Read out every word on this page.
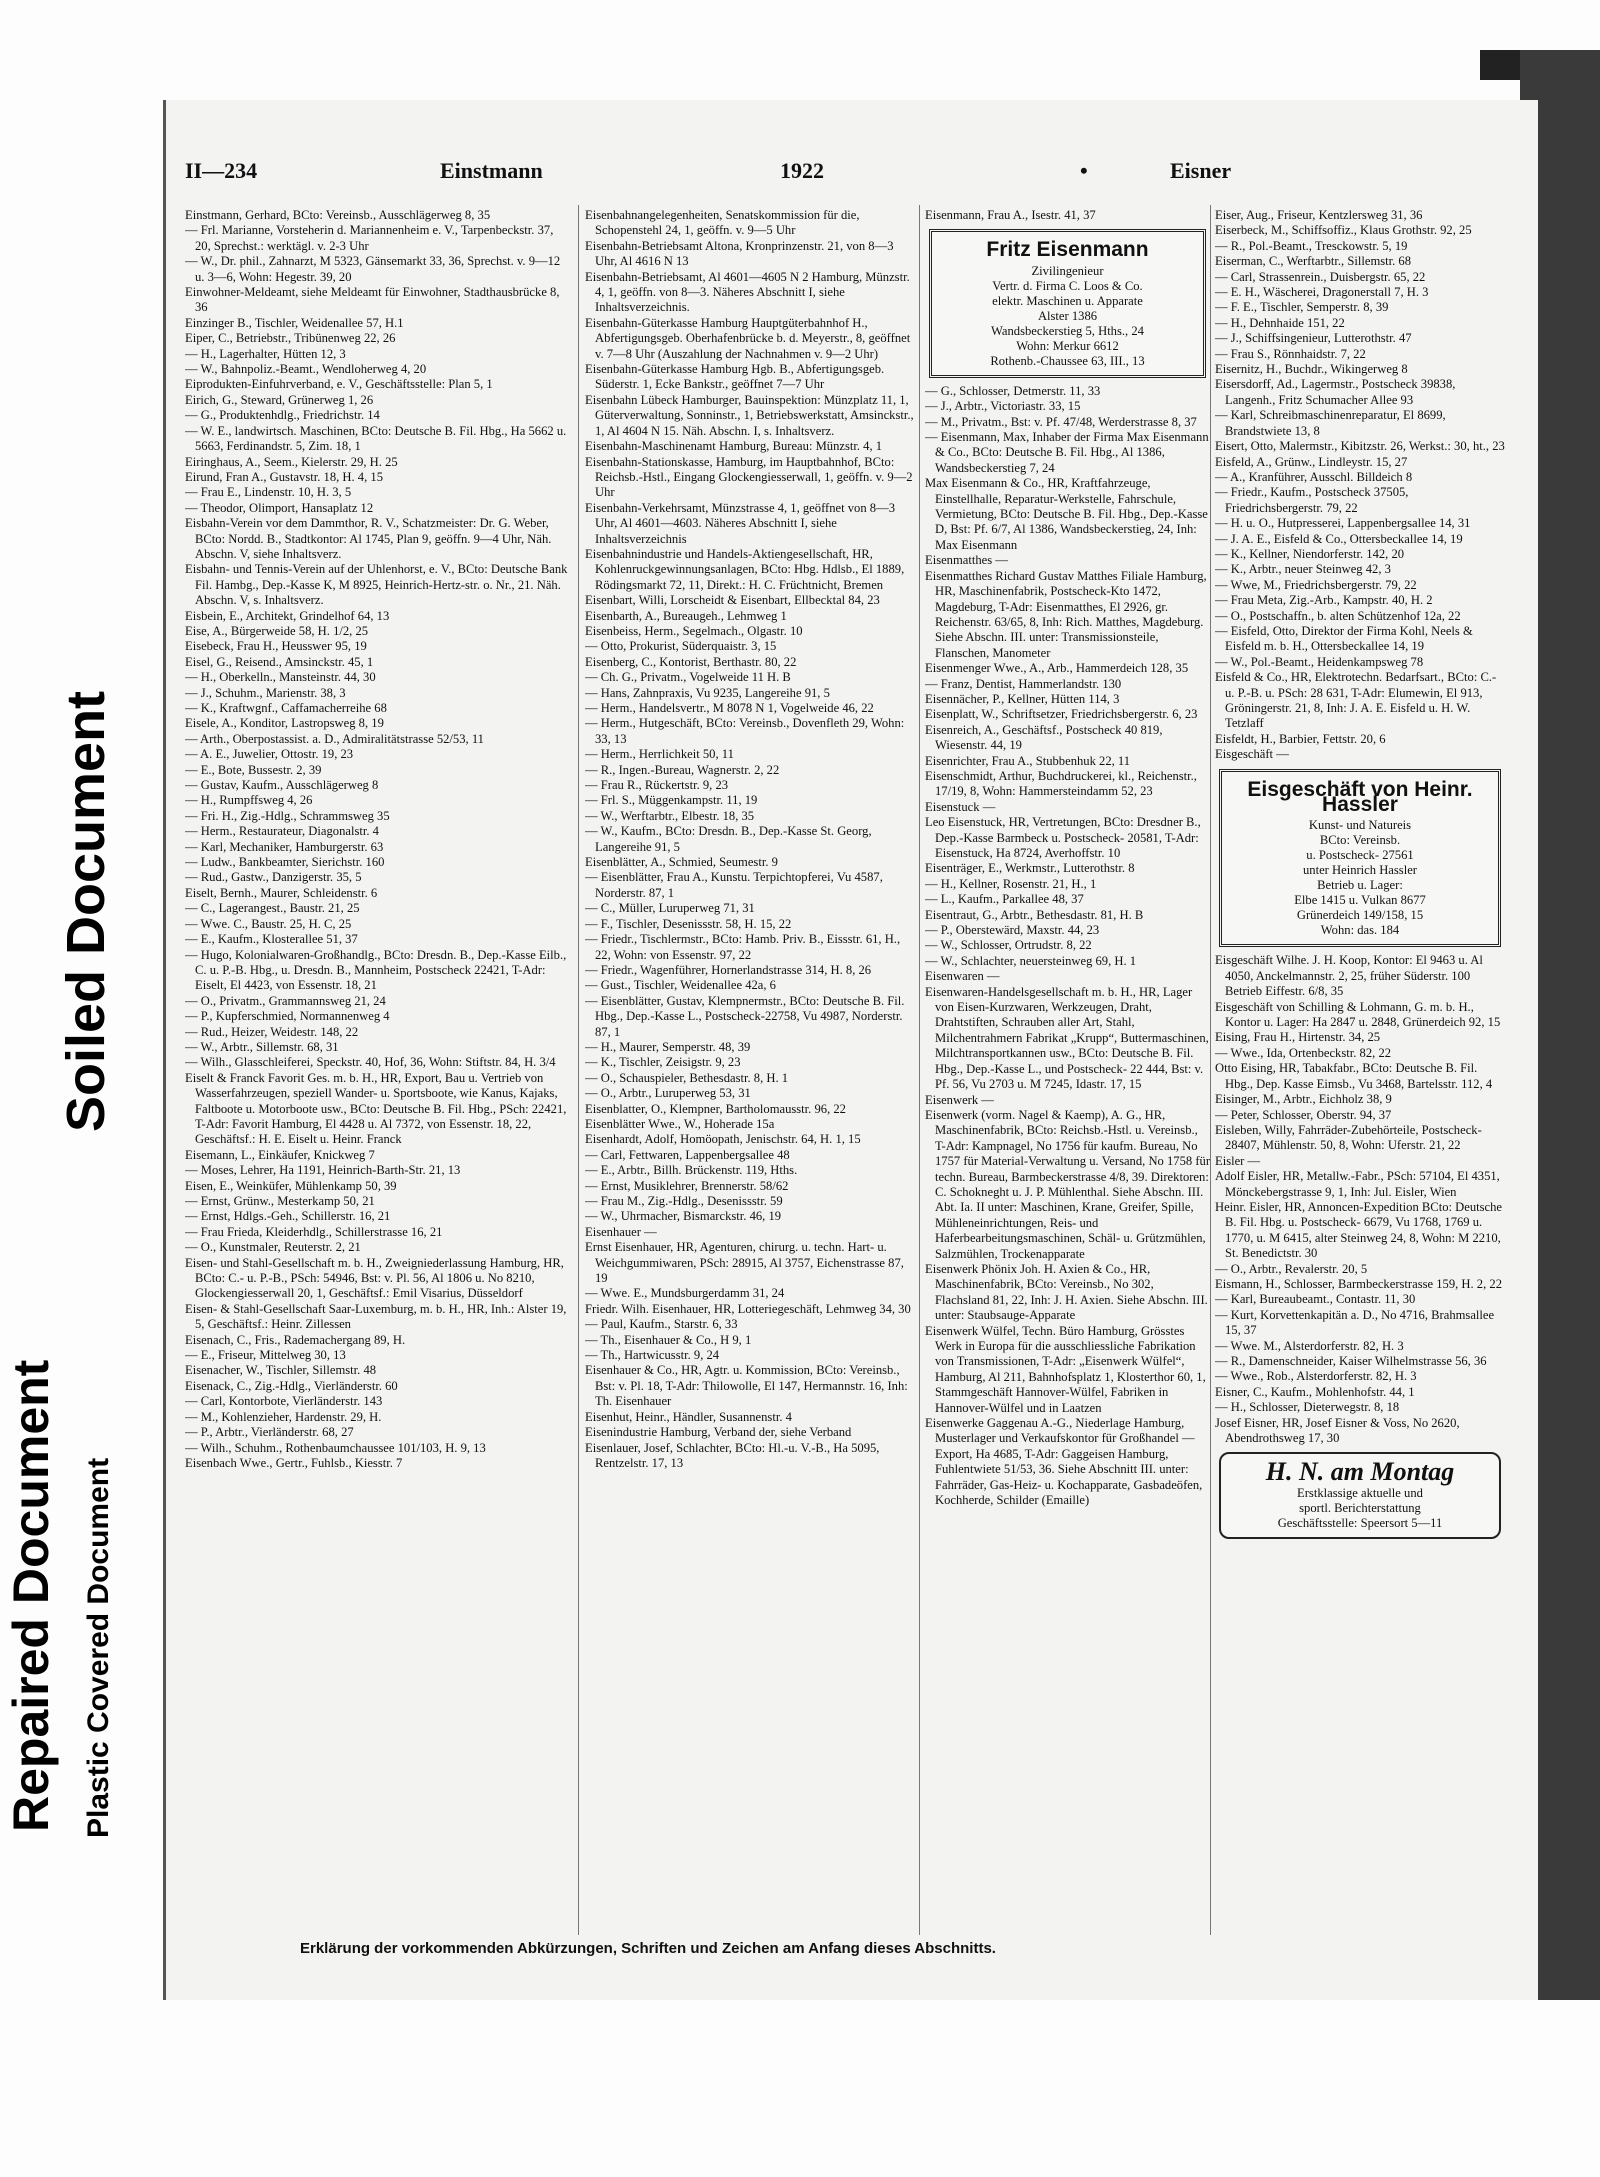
Soiled Document
Repaired Document Plastic Covered Document
II—234	Einstmann	1922	•	Eisner

Einstmann, Gerhard, BCto: Vereinsb., Ausschlägerweg 8, 35

— Frl. Marianne, Vorsteherin d. Mariannenheim e. V., Tarpenbeckstr. 37, 20, Sprechst.: werktägl. v. 2-3 Uhr

— W., Dr. phil., Zahnarzt, M 5323, Gänsemarkt 33, 36, Sprechst. v. 9—12 u. 3—6, Wohn: Hegestr. 39, 20

Einwohner-Meldeamt, siehe Meldeamt für Einwohner, Stadthausbrücke 8, 36

Einzinger B., Tischler, Weidenallee 57, H.1

Eiper, C., Betriebstr., Tribünenweg 22, 26

— H., Lagerhalter, Hütten 12, 3

— W., Bahnpoliz.-Beamt., Wendloherweg 4, 20

Eiprodukten-Einfuhrverband, e. V., Geschäftsstelle: Plan 5, 1

Eirich, G., Steward, Grünerweg 1, 26

— G., Produktenhdlg., Friedrichstr. 14

— W. E., landwirtsch. Maschinen, BCto: Deutsche B. Fil. Hbg., Ha 5662 u. 5663, Ferdinandstr. 5, Zim. 18, 1

Eiringhaus, A., Seem., Kielerstr. 29, H. 25

Eirund, Fran A., Gustavstr. 18, H. 4, 15

— Frau E., Lindenstr. 10, H. 3, 5

— Theodor, Olimport, Hansaplatz 12

Eisbahn-Verein vor dem Dammthor, R. V., Schatzmeister: Dr. G. Weber, BCto: Nordd. B., Stadtkontor: Al 1745, Plan 9, geöffn. 9—4 Uhr, Näh. Abschn. V, siehe Inhaltsverz.

Eisbahn- und Tennis-Verein auf der Uhlenhorst, e. V., BCto: Deutsche Bank Fil. Hambg., Dep.-Kasse K, M 8925, Heinrich-Hertz-str. o. Nr., 21. Näh. Abschn. V, s. Inhaltsverz.

Eisbein, E., Architekt, Grindelhof 64, 13

Eise, A., Bürgerweide 58, H. 1/2, 25

Eisebeck, Frau H., Heusswег 95, 19

Eisel, G., Reisend., Amsinckstr. 45, 1

— H., Oberkelln., Mansteinstr. 44, 30

— J., Schuhm., Marienstr. 38, 3

— K., Kraftwgnf., Caffamacherreihe 68

Eisele, A., Konditor, Lastropsweg 8, 19

— Arth., Oberpostassist. a. D., Admiralitätstrasse 52/53, 11

— A. E., Juwelier, Ottostr. 19, 23

— E., Bote, Bussestr. 2, 39

— Gustav, Kaufm., Ausschlägerweg 8

— H., Rumpffsweg 4, 26

— Fri. H., Zig.-Hdlg., Schrammsweg 35

— Herm., Restaurateur, Diagonalstr. 4

— Karl, Mechaniker, Hamburgerstr. 63

— Ludw., Bankbeamter, Sierichstr. 160

— Rud., Gastw., Danzigerstr. 35, 5

Eiselt, Bernh., Maurer, Schleidenstr. 6

— C., Lagerangest., Baustr. 21, 25

— Wwe. C., Baustr. 25, H. C, 25

— E., Kaufm., Klosterallee 51, 37

— Hugo, Kolonialwaren-Großhandlg., BCto: Dresdn. B., Dep.-Kasse Eilb., C. u. P.-B. Hbg., u. Dresdn. B., Mannheim, Postscheck 22421, T-Adr: Eiselt, El 4423, von Essenstr. 18, 21

— O., Privatm., Grammannsweg 21, 24

— P., Kupferschmied, Normannenweg 4

— Rud., Heizer, Weidestr. 148, 22

— W., Arbtr., Sillemstr. 68, 31

— Wilh., Glasschleiferei, Speckstr. 40, Hof, 36, Wohn: Stiftstr. 84, H. 3/4

Eiselt & Franck Favorit Ges. m. b. H., HR, Export, Bau u. Vertrieb von Wasserfahrzeugen, speziell Wander- u. Sportsboote, wie Kanus, Kajaks, Faltboote u. Motorboote usw., BCto: Deutsche B. Fil. Hbg., PSch: 22421, T-Adr: Favorit Hamburg, El 4428 u. Al 7372, von Essenstr. 18, 22, Geschäftsf.: H. E. Eiselt u. Heinr. Franck

Eisemann, L., Einkäufer, Knickweg 7

— Moses, Lehrer, Ha 1191, Heinrich-Barth-Str. 21, 13

Eisen, E., Weinküfer, Mühlenkamp 50, 39

— Ernst, Grünw., Mesterkamp 50, 21

— Ernst, Hdlgs.-Geh., Schillerstr. 16, 21

— Frau Frieda, Kleiderhdlg., Schillerstrasse 16, 21

— O., Kunstmaler, Reuterstr. 2, 21

Eisen- und Stahl-Gesellschaft m. b. H., Zweigniederlassung Hamburg, HR, BCto: C.- u. P.-B., PSch: 54946, Bst: v. Pl. 56, Al 1806 u. No 8210, Glockengiesserwall 20, 1, Geschäftsf.: Emil Visarius, Düsseldorf

Eisen- & Stahl-Gesellschaft Saar-Luxemburg, m. b. H., HR, Inh.: Alster 19, 5, Geschäftsf.: Heinr. Zillessen

Eisenach, C., Fris., Rademachergang 89, H.

— E., Friseur, Mittelweg 30, 13

Eisenacher, W., Tischler, Sillemstr. 48

Eisenack, C., Zig.-Hdlg., Vierländerstr. 60

— Carl, Kontorbote, Vierländerstr. 143

— M., Kohlenzieher, Hardenstr. 29, H.

— P., Arbtr., Vierländerstr. 68, 27

— Wilh., Schuhm., Rothenbaumchaussee 101/103, H. 9, 13

Eisenbach Wwe., Gertr., Fuhlsb., Kiesstr. 7

Eisenbahnangelegenheiten, Senatskommission für die, Schopenstehl 24, 1, geöffn. v. 9—5 Uhr

Eisenbahn-Betriebsamt Altona, Kronprinzenstr. 21, von 8—3 Uhr, Al 4616 N 13

Eisenbahn-Betriebsamt, Al 4601—4605 N 2 Hamburg, Münzstr. 4, 1, geöffn. von 8—3. Näheres Abschnitt I, siehe Inhaltsverzeichnis.

Eisenbahn-Güterkasse Hamburg Hauptgüterbahnhof H., Abfertigungsgeb. Oberhafenbrücke b. d. Meyerstr., 8, geöffnet v. 7—8 Uhr (Auszahlung der Nachnahmen v. 9—2 Uhr)

Eisenbahn-Güterkasse Hamburg Hgb. B., Abfertigungsgeb. Süderstr. 1, Ecke Bankstr., geöffnet 7—7 Uhr

Eisenbahn Lübeck Hamburger, Bauinspektion: Münzplatz 11, 1, Güterverwaltung, Sonninstr., 1, Betriebswerkstatt, Amsinckstr., 1, Al 4604 N 15. Näh. Abschn. I, s. Inhaltsverz.

Eisenbahn-Maschinenamt Hamburg, Bureau: Münzstr. 4, 1

Eisenbahn-Stationskasse, Hamburg, im Hauptbahnhof, BCto: Reichsb.-Hstl., Eingang Glockengiesserwall, 1, geöffn. v. 9—2 Uhr

Eisenbahn-Verkehrsamt, Münzstrasse 4, 1, geöffnet von 8—3 Uhr, Al 4601—4603. Näheres Abschnitt I, siehe Inhaltsverzeichnis

Eisenbahnindustrie und Handels-Aktiengesellschaft, HR, Kohlenruckgewinnungsanlagen, BCto: Hbg. Hdlsb., El 1889, Rödingsmarkt 72, 11, Direkt.: H. C. Früchtnicht, Bremen

Eisenbart, Willi, Lorscheidt & Eisenbart, Ellbecktal 84, 23

Eisenbarth, A., Bureaugeh., Lehmweg 1

Eisenbeiss, Herm., Segelmach., Olgastr. 10

— Otto, Prokurist, Süderquaistr. 3, 15

Eisenberg, C., Kontorist, Berthastr. 80, 22

— Ch. G., Privatm., Vogelweide 11 H. B

— Hans, Zahnpraxis, Vu 9235, Langereihe 91, 5

— Herm., Handelsvertr., M 8078 N 1, Vogelweide 46, 22

— Herm., Hutgeschäft, BCto: Vereinsb., Dovenfleth 29, Wohn: 33, 13

— Herm., Herrlichkeit 50, 11

— R., Ingen.-Bureau, Wagnerstr. 2, 22

— Frau R., Rückertstr. 9, 23

— Frl. S., Müggenkampstr. 11, 19

— W., Werftarbtr., Elbestr. 18, 35

— W., Kaufm., BCto: Dresdn. B., Dep.-Kasse St. Georg, Langereihe 91, 5

Eisenblätter, A., Schmied, Seumestr. 9

— Eisenblätter, Frau A., Kunstu. Terpichtopferei, Vu 4587, Norderstr. 87, 1

— C., Müller, Luruperweg 71, 31

— F., Tischler, Desenissstr. 58, H. 15, 22

— Friedr., Tischlermstr., BCto: Hamb. Priv. B., Eissstr. 61, H., 22, Wohn: von Essenstr. 97, 22

— Friedr., Wagenführer, Hornerlandstrasse 314, H. 8, 26

— Gust., Tischler, Weidenallee 42a, 6

— Eisenblätter, Gustav, Klempnermstr., BCto: Deutsche B. Fil. Hbg., Dep.-Kasse L., Postscheck-22758, Vu 4987, Norderstr. 87, 1

— H., Maurer, Semperstr. 48, 39

— K., Tischler, Zeisigstr. 9, 23

— O., Schauspieler, Bethesdastr. 8, H. 1

— O., Arbtr., Luruperweg 53, 31

Eisenblatter, O., Klempner, Bartholomausstr. 96, 22

Eisenblätter Wwe., W., Hoherade 15a

Eisenhardt, Adolf, Homöopath, Jenischstr. 64, H. 1, 15

— Carl, Fettwaren, Lappenbergsallee 48

— E., Arbtr., Billh. Brückenstr. 119, Hths.

— Ernst, Musiklehrer, Brennerstr. 58/62

— Frau M., Zig.-Hdlg., Desenissstr. 59

— W., Uhrmacher, Bismarckstr. 46, 19

Eisenhauer —

Ernst Eisenhauer, HR, Agenturen, chirurg. u. techn. Hart- u. Weichgummiwaren, PSch: 28915, Al 3757, Eichenstrasse 87, 19

— Wwe. E., Mundsburgerdamm 31, 24

Friedr. Wilh. Eisenhauer, HR, Lotteriegeschäft, Lehmweg 34, 30

— Paul, Kaufm., Starstr. 6, 33

— Th., Eisenhauer & Co., H 9, 1

— Th., Hartwicusstr. 9, 24

Eisenhauer & Co., HR, Agtr. u. Kommission, BCto: Vereinsb., Bst: v. Pl. 18, T-Adr: Thilowolle, El 147, Hermannstr. 16, Inh: Th. Eisenhauer

Eisenhut, Heinr., Händler, Susannenstr. 4

Eisenindustrie Hamburg, Verband der, siehe Verband

Eisenlauer, Josef, Schlachter, BCto: Hl.-u. V.-B., Ha 5095, Rentzelstr. 17, 13

Eisenmann, Frau A., Isestr. 41, 37

Fritz Eisenmann
Zivilingenieur
Vertr. d. Firma C. Loos & Co.
elektr. Maschinen u. Apparate
Alster 1386
Wandsbeckerstieg 5, Hths., 24
Wohn: Merkur 6612
Rothenb.-Chaussee 63, III., 13

— G., Schlosser, Detmerstr. 11, 33

— J., Arbtr., Victoriastr. 33, 15

— M., Privatm., Bst: v. Pf. 47/48, Werderstrasse 8, 37

— Eisenmann, Max, Inhaber der Firma Max Eisenmann & Co., BCto: Deutsche B. Fil. Hbg., Al 1386, Wandsbeckerstieg 7, 24

Max Eisenmann & Co., HR, Kraftfahrzeuge, Einstellhalle, Reparatur-Werkstelle, Fahrschule, Vermietung, BCto: Deutsche B. Fil. Hbg., Dep.-Kasse D, Bst: Pf. 6/7, Al 1386, Wandsbeckerstieg, 24, Inh: Max Eisenmann

Eisenmatthes —

Eisenmatthes Richard Gustav Matthes Filiale Hamburg, HR, Maschinenfabrik, Postscheck-Kto 1472, Magdeburg, T-Adr: Eisenmatthes, El 2926, gr. Reichenstr. 63/65, 8, Inh: Rich. Matthes, Magdeburg. Siehe Abschn. III. unter: Transmissionsteile, Flanschen, Manometer

Eisenmenger Wwe., A., Arb., Hammerdeich 128, 35

— Franz, Dentist, Hammerlandstr. 130

Eisennächer, P., Kellner, Hütten 114, 3

Eisenplatt, W., Schriftsetzer, Friedrichsbergerstr. 6, 23

Eisenreich, A., Geschäftsf., Postscheck 40 819, Wiesenstr. 44, 19

Eisenrichter, Frau A., Stubbenhuk 22, 11

Eisenschmidt, Arthur, Buchdruckerei, kl., Reichenstr., 17/19, 8, Wohn: Hammersteindamm 52, 23

Eisenstuck —

Leo Eisenstuck, HR, Vertretungen, BCto: Dresdner B., Dep.-Kasse Barmbeck u. Postscheck- 20581, T-Adr: Eisenstuck, Ha 8724, Averhoffstr. 10

Eisenträger, E., Werkmstr., Lutterothstr. 8

— H., Kellner, Rosenstr. 21, H., 1

— L., Kaufm., Parkallee 48, 37

Eisentraut, G., Arbtr., Bethesdastr. 81, H. B

— P., Oberstewärd, Maxstr. 44, 23

— W., Schlosser, Ortrudstr. 8, 22

— W., Schlachter, neuersteinweg 69, H. 1

Eisenwaren —

Eisenwaren-Handelsgesellschaft m. b. H., HR, Lager von Eisen-Kurzwaren, Werkzeugen, Draht, Drahtstiften, Schrauben aller Art, Stahl, Milchentrahmern Fabrikat „Krupp“, Buttermaschinen, Milchtransportkannen usw., BCto: Deutsche B. Fil. Hbg., Dep.-Kasse L., und Postscheck- 22 444, Bst: v. Pf. 56, Vu 2703 u. M 7245, Idastr. 17, 15

Eisenwerk —

Eisenwerk (vorm. Nagel & Kaemp), A. G., HR, Maschinenfabrik, BCto: Reichsb.-Hstl. u. Vereinsb., T-Adr: Kampnagel, No 1756 für kaufm. Bureau, No 1757 für Material-Verwaltung u. Versand, No 1758 für techn. Bureau, Barmbeckerstrasse 4/8, 39. Direktoren: C. Schokneght u. J. P. Mühlenthal. Siehe Abschn. III. Abt. Ia. II unter: Maschinen, Krane, Greifer, Spille, Mühleneinrichtungen, Reis- und Haferbearbeitungsmaschinen, Schäl- u. Grützmühlen, Salzmühlen, Trockenapparate

Eisenwerk Phönix Joh. H. Axien & Co., HR, Maschinenfabrik, BCto: Vereinsb., No 302, Flachsland 81, 22, Inh: J. H. Axien. Siehe Abschn. III. unter: Staubsauge-Apparate

Eisenwerk Wülfel, Techn. Büro Hamburg, Grösstes Werk in Europa für die ausschliessliche Fabrikation von Transmissionen, T-Adr: „Eisenwerk Wülfel“, Hamburg, Al 211, Bahnhofsplatz 1, Klosterthor 60, 1, Stammgeschäft Hannover-Wülfel, Fabriken in Hannover-Wülfel und in Laatzen

Eisenwerke Gaggenau A.-G., Niederlage Hamburg, Musterlager und Verkaufskontor für Großhandel — Export, Ha 4685, T-Adr: Gaggeisen Hamburg, Fuhlentwiete 51/53, 36. Siehe Abschnitt III. unter: Fahrräder, Gas-Heiz- u. Kochapparate, Gasbadeöfen, Kochherde, Schilder (Emaille)

Eiser, Aug., Friseur, Kentzlersweg 31, 36

Eiserbeck, M., Schiffsoffiz., Klaus Grothstr. 92, 25

— R., Pol.-Beamt., Tresckowstr. 5, 19

Eiserman, C., Werftarbtr., Sillemstr. 68

— Carl, Strassenrein., Duisbergstr. 65, 22

— E. H., Wäscherei, Dragonerstall 7, H. 3

— F. E., Tischler, Semperstr. 8, 39

— H., Dehnhaide 151, 22

— J., Schiffsingenieur, Lutterothstr. 47

— Frau S., Rönnhaidstr. 7, 22

Eisernitz, H., Buchdr., Wikingerweg 8

Eisersdorff, Ad., Lagermstr., Postscheck 39838, Langenh., Fritz Schumacher Allee 93

— Karl, Schreibmaschinenreparatur, El 8699, Brandstwiete 13, 8

Eisert, Otto, Malermstr., Kibitzstr. 26, Werkst.: 30, ht., 23

Eisfeld, A., Grünw., Lindleystr. 15, 27

— A., Kranführer, Ausschl. Billdeich 8

— Friedr., Kaufm., Postscheck 37505, Friedrichsbergerstr. 79, 22

— H. u. O., Hutpresserei, Lappenbergsallee 14, 31

— J. A. E., Eisfeld & Co., Ottersbeckallee 14, 19

— K., Kellner, Niendorferstr. 142, 20

— K., Arbtr., neuer Steinweg 42, 3

— Wwe, M., Friedrichsbergerstr. 79, 22

— Frau Meta, Zig.-Arb., Kampstr. 40, H. 2

— O., Postschaffn., b. alten Schützenhof 12a, 22

— Eisfeld, Otto, Direktor der Firma Kohl, Neels & Eisfeld m. b. H., Ottersbeckallee 14, 19

— W., Pol.-Beamt., Heidenkampsweg 78

Eisfeld & Co., HR, Elektrotechn. Bedarfsart., BCto: C.- u. P.-B. u. PSch: 28 631, T-Adr: Elumewin, El 913, Gröningerstr. 21, 8, Inh: J. A. E. Eisfeld u. H. W. Tetzlaff

Eisfeldt, H., Barbier, Fettstr. 20, 6

Eisgeschäft —

Eisgeschäft von Heinr. Hassler
Kunst- und Natureis
BCto: Vereinsb.
u. Postscheck- 27561
unter Heinrich Hassler
Betrieb u. Lager:
Elbe 1415 u. Vulkan 8677
Grünerdeich 149/158, 15
Wohn: das. 184

Eisgeschäft Wilhe. J. H. Koop, Kontor: El 9463 u. Al 4050, Anckelmannstr. 2, 25, früher Süderstr. 100 Betrieb Eiffestr. 6/8, 35

Eisgeschäft von Schilling & Lohmann, G. m. b. H., Kontor u. Lager: Ha 2847 u. 2848, Grünerdeich 92, 15

Eising, Frau H., Hirtenstr. 34, 25

— Wwe., Ida, Ortenbeckstr. 82, 22

Otto Eising, HR, Tabakfabr., BCto: Deutsche B. Fil. Hbg., Dep. Kasse Eimsb., Vu 3468, Bartelsstr. 112, 4

Eisinger, M., Arbtr., Eichholz 38, 9

— Peter, Schlosser, Oberstr. 94, 37

Eisleben, Willy, Fahrräder-Zubehörteile, Postscheck-28407, Mühlenstr. 50, 8, Wohn: Uferstr. 21, 22

Eisler —

Adolf Eisler, HR, Metallw.-Fabr., PSch: 57104, El 4351, Mönckebergstrasse 9, 1, Inh: Jul. Eisler, Wien

Heinr. Eisler, HR, Annoncen-Expedition BCto: Deutsche B. Fil. Hbg. u. Postscheck- 6679, Vu 1768, 1769 u. 1770, u. M 6415, alter Steinweg 24, 8, Wohn: M 2210, St. Benedictstr. 30

— O., Arbtr., Revalerstr. 20, 5

Eismann, H., Schlosser, Barmbeckerstrasse 159, H. 2, 22

— Karl, Bureaubeamt., Contastr. 11, 30

— Kurt, Korvettenkapitän a. D., No 4716, Brahmsallee 15, 37

— Wwe. M., Alsterdorferstr. 82, H. 3

— R., Damenschneider, Kaiser Wilhelmstrasse 56, 36

— Wwe., Rob., Alsterdorferstr. 82, H. 3

Eisner, C., Kaufm., Mohlenhofstr. 44, 1

— H., Schlosser, Dieterwegstr. 8, 18

Josef Eisner, HR, Josef Eisner & Voss, No 2620, Abendrothsweg 17, 30

H. N. am Montag
Erstklassige aktuelle und
sportl. Berichterstattung
Geschäftsstelle: Speersort 5—11
Erklärung der vorkommenden Abkürzungen, Schriften und Zeichen am Anfang dieses Abschnitts.
